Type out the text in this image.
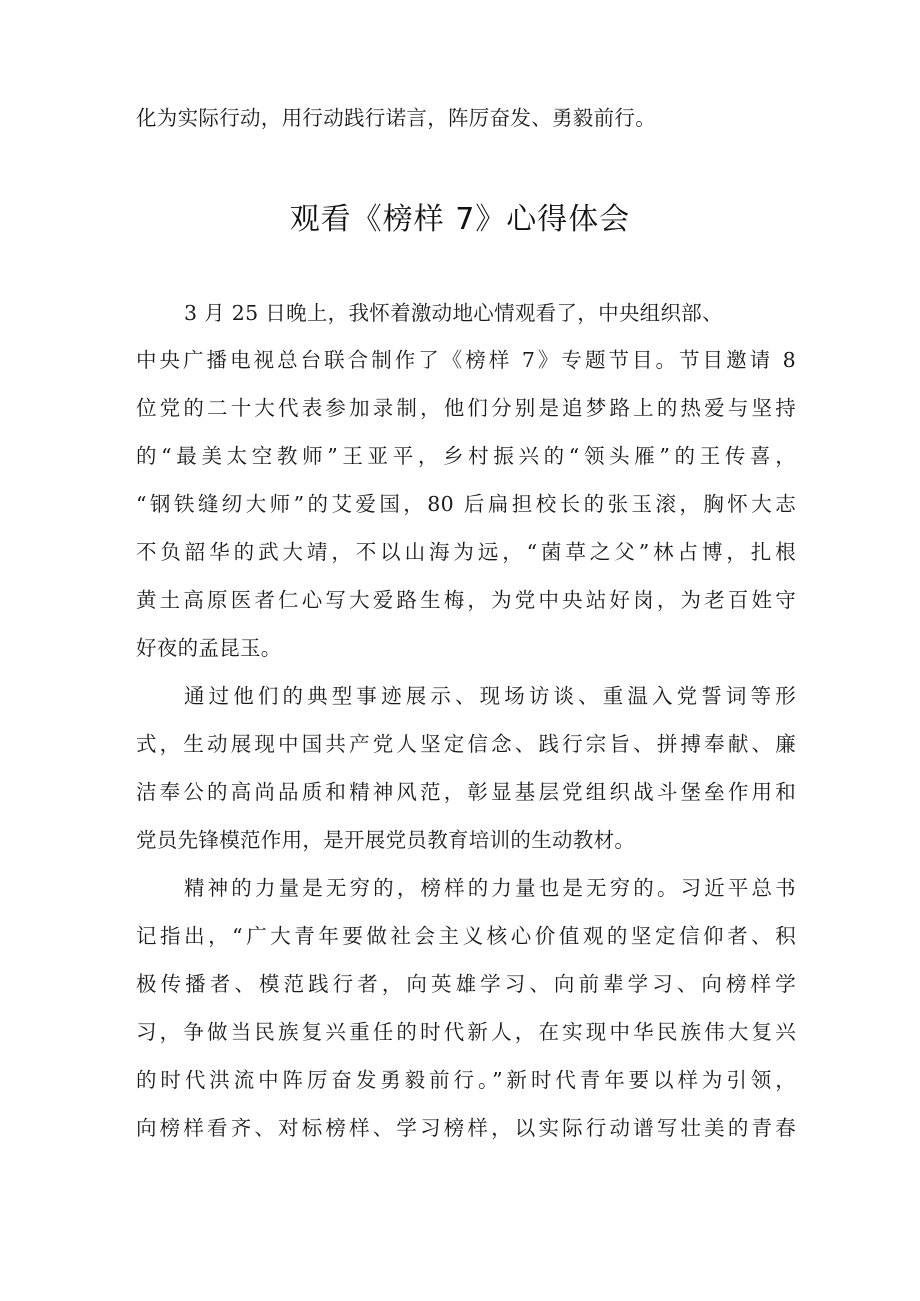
化为实际行动，用行动践行诺言，阵厉奋发、勇毅前行。
观看《榜样 7》心得体会
3 月 25 日晚上，我怀着激动地心情观看了，中央组织部、
中央广播电视总台联合制作了《榜样 7》专题节目。节目邀请 8
位党的二十大代表参加录制，他们分别是追梦路上的热爱与坚持
的“最美太空教师”王亚平，乡村振兴的“领头雁”的王传喜，
“钢铁缝纫大师”的艾爱国，80 后扁担校长的张玉滚，胸怀大志
不负韶华的武大靖，不以山海为远，“菌草之父”林占博，扎根
黄土高原医者仁心写大爱路生梅，为党中央站好岗，为老百姓守
好夜的孟昆玉。
通过他们的典型事迹展示、现场访谈、重温入党誓词等形
式，生动展现中国共产党人坚定信念、践行宗旨、拼搏奉献、廉
洁奉公的高尚品质和精神风范，彰显基层党组织战斗堡垒作用和
党员先锋模范作用，是开展党员教育培训的生动教材。
精神的力量是无穷的，榜样的力量也是无穷的。习近平总书
记指出，“广大青年要做社会主义核心价值观的坚定信仰者、积
极传播者、模范践行者，向英雄学习、向前辈学习、向榜样学
习，争做当民族复兴重任的时代新人，在实现中华民族伟大复兴
的时代洪流中阵厉奋发勇毅前行。”新时代青年要以样为引领，
向榜样看齐、对标榜样、学习榜样，以实际行动谱写壮美的青春
